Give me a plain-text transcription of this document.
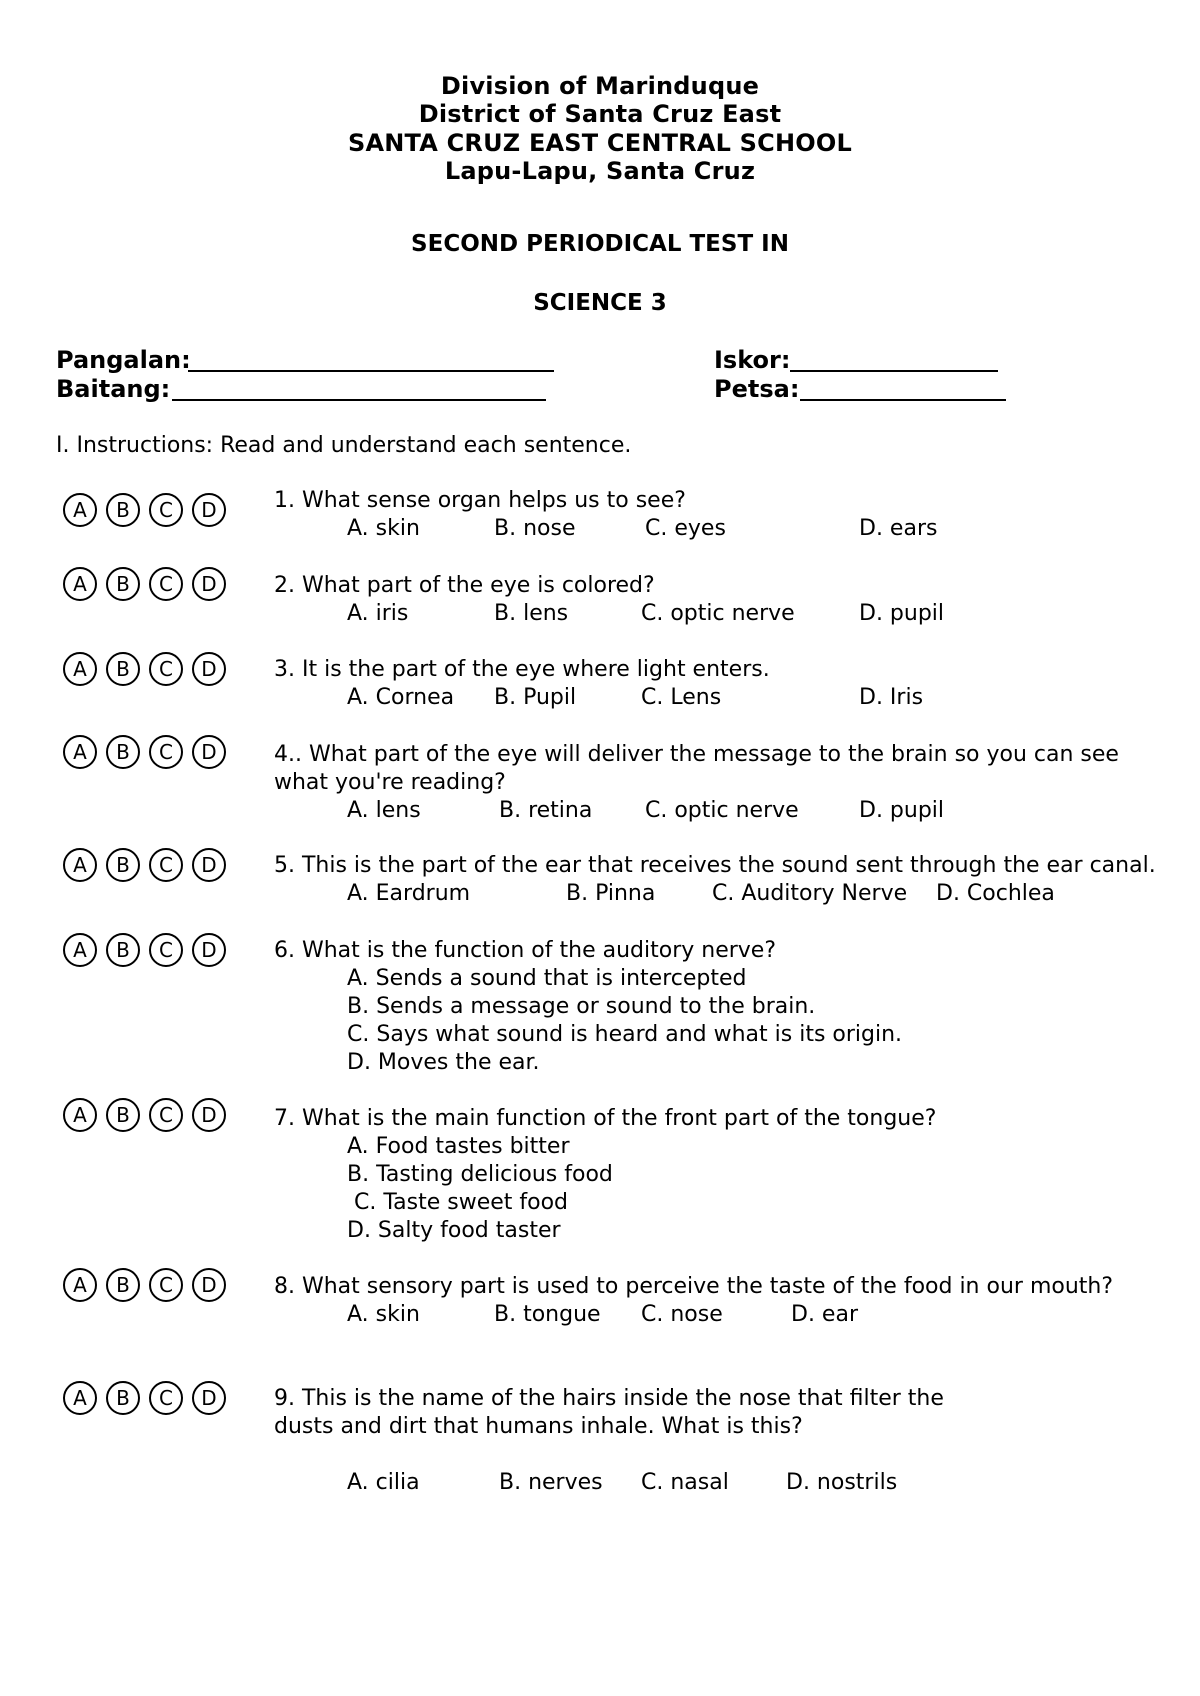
Division of Marinduque
District of Santa Cruz East
SANTA CRUZ EAST CENTRAL SCHOOL
Lapu-Lapu, Santa Cruz
SECOND PERIODICAL TEST IN
SCIENCE 3
Pangalan:
Baitang:
Iskor:
Petsa:
I. Instructions: Read and understand each sentence.
A	B	C	D	1. What sense organ helps us to see?
A. skin	B. nose	C. eyes	D. ears
A	B	C	D	2. What part of the eye is colored?
A. iris	B. lens	C. optic nerve	D. pupil
A	B	C	D	3. It is the part of the eye where light enters.
A. Cornea B. Pupil	C. Lens	D. Iris
A	B	C	D	4.. What part of the eye will deliver the message to the brain so you can see what you're reading?
A. lens	B. retina C. optic nerve	D. pupil
A	B	C	D	5. This is the part of the ear that receives the sound sent through the ear canal.
A. Eardrum	B. Pinna	C. Auditory Nerve D. Cochlea
A	B	C	D	6. What is the function of the auditory nerve?
A. Sends a sound that is intercepted
B. Sends a message or sound to the brain.
C. Says what sound is heard and what is its origin.
D. Moves the ear.
A	B	C	D	7. What is the main function of the front part of the tongue?
A. Food tastes bitter
B. Tasting delicious food
C. Taste sweet food
D. Salty food taster
A	B	C	D	8. What sensory part is used to perceive the taste of the food in our mouth?
A. skin	B. tongue C. nose	D. ear
A	B	C	D	9. This is the name of the hairs inside the nose that filter the
dusts and dirt that humans inhale. What is this?
A. cilia	B. nerves C. nasal	D. nostrils
